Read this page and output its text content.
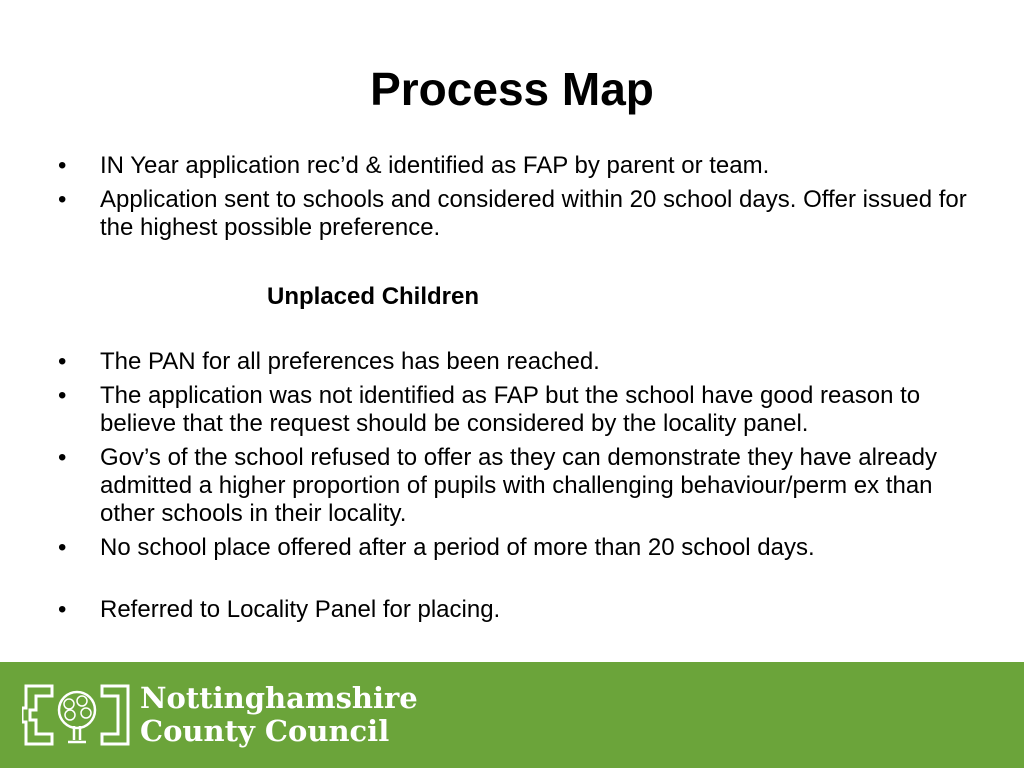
Process Map
• IN Year application rec’d & identified as FAP by parent or team.
• Application sent to schools and considered within 20 school days. Offer issued for the highest possible preference.
Unplaced Children
• The PAN for all preferences has been reached.
• The application was not identified as FAP but the school have good reason to believe that the request should be considered by the locality panel.
• Gov’s of the school refused to offer as they can demonstrate they have already admitted a higher proportion of pupils with challenging behaviour/perm ex than other schools in their locality.
• No school place offered after a period of more than 20 school days.
• Referred to Locality Panel for placing.
Nottinghamshire
County Council
